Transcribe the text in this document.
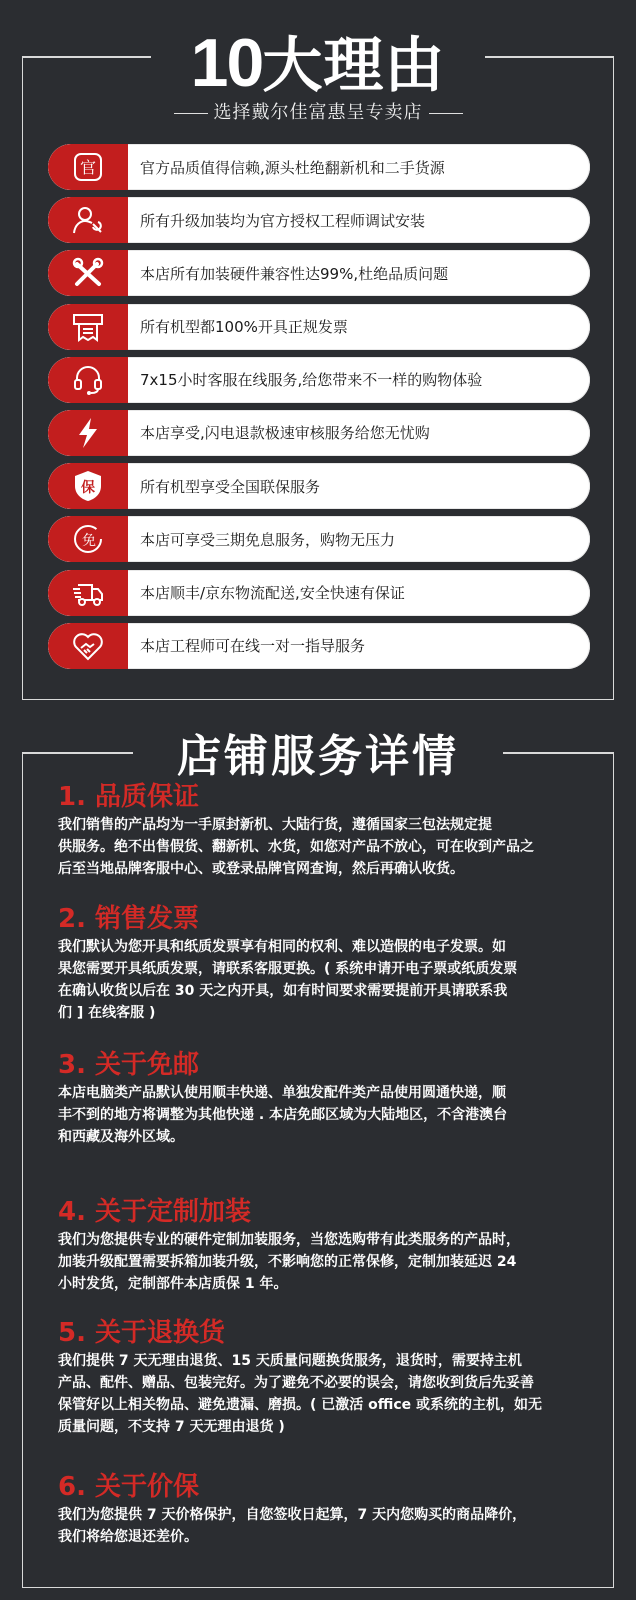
10大理由
选择戴尔佳富惠呈专卖店
官	官方品质值得信赖,源头杜绝翻新机和二手货源
所有升级加装均为官方授权工程师调试安装
本店所有加装硬件兼容性达99%,杜绝品质问题
所有机型都100%开具正规发票
7x15小时客服在线服务,给您带来不一样的购物体验
本店享受,闪电退款极速审核服务给您无忧购
保	所有机型享受全国联保服务
免	本店可享受三期免息服务，购物无压力
本店顺丰/京东物流配送,安全快速有保证
本店工程师可在线一对一指导服务
店铺服务详情
1. 品质保证
我们销售的产品均为一手原封新机、大陆行货，遵循国家三包法规定提
供服务。绝不出售假货、翻新机、水货，如您对产品不放心，可在收到产品之
后至当地品牌客服中心、或登录品牌官网查询，然后再确认收货。
2. 销售发票
我们默认为您开具和纸质发票享有相同的权利、难以造假的电子发票。如
果您需要开具纸质发票，请联系客服更换。( 系统申请开电子票或纸质发票
在确认收货以后在 30 天之内开具，如有时间要求需要提前开具请联系我
们 ] 在线客服 )
3. 关于免邮
本店电脑类产品默认使用顺丰快递、单独发配件类产品使用圆通快递，顺
丰不到的地方将调整为其他快递 . 本店免邮区域为大陆地区，不含港澳台
和西藏及海外区域。
4. 关于定制加装
我们为您提供专业的硬件定制加装服务，当您选购带有此类服务的产品时，
加装升级配置需要拆箱加装升级，不影响您的正常保修，定制加装延迟 24
小时发货，定制部件本店质保 1 年。
5. 关于退换货
我们提供 7 天无理由退货、15 天质量问题换货服务，退货时，需要持主机
产品、配件、赠品、包装完好。为了避免不必要的误会，请您收到货后先妥善
保管好以上相关物品、避免遗漏、磨损。( 已激活 office 或系统的主机，如无
质量问题，不支持 7 天无理由退货 )
6. 关于价保
我们为您提供 7 天价格保护，自您签收日起算，7 天内您购买的商品降价，
我们将给您退还差价。
